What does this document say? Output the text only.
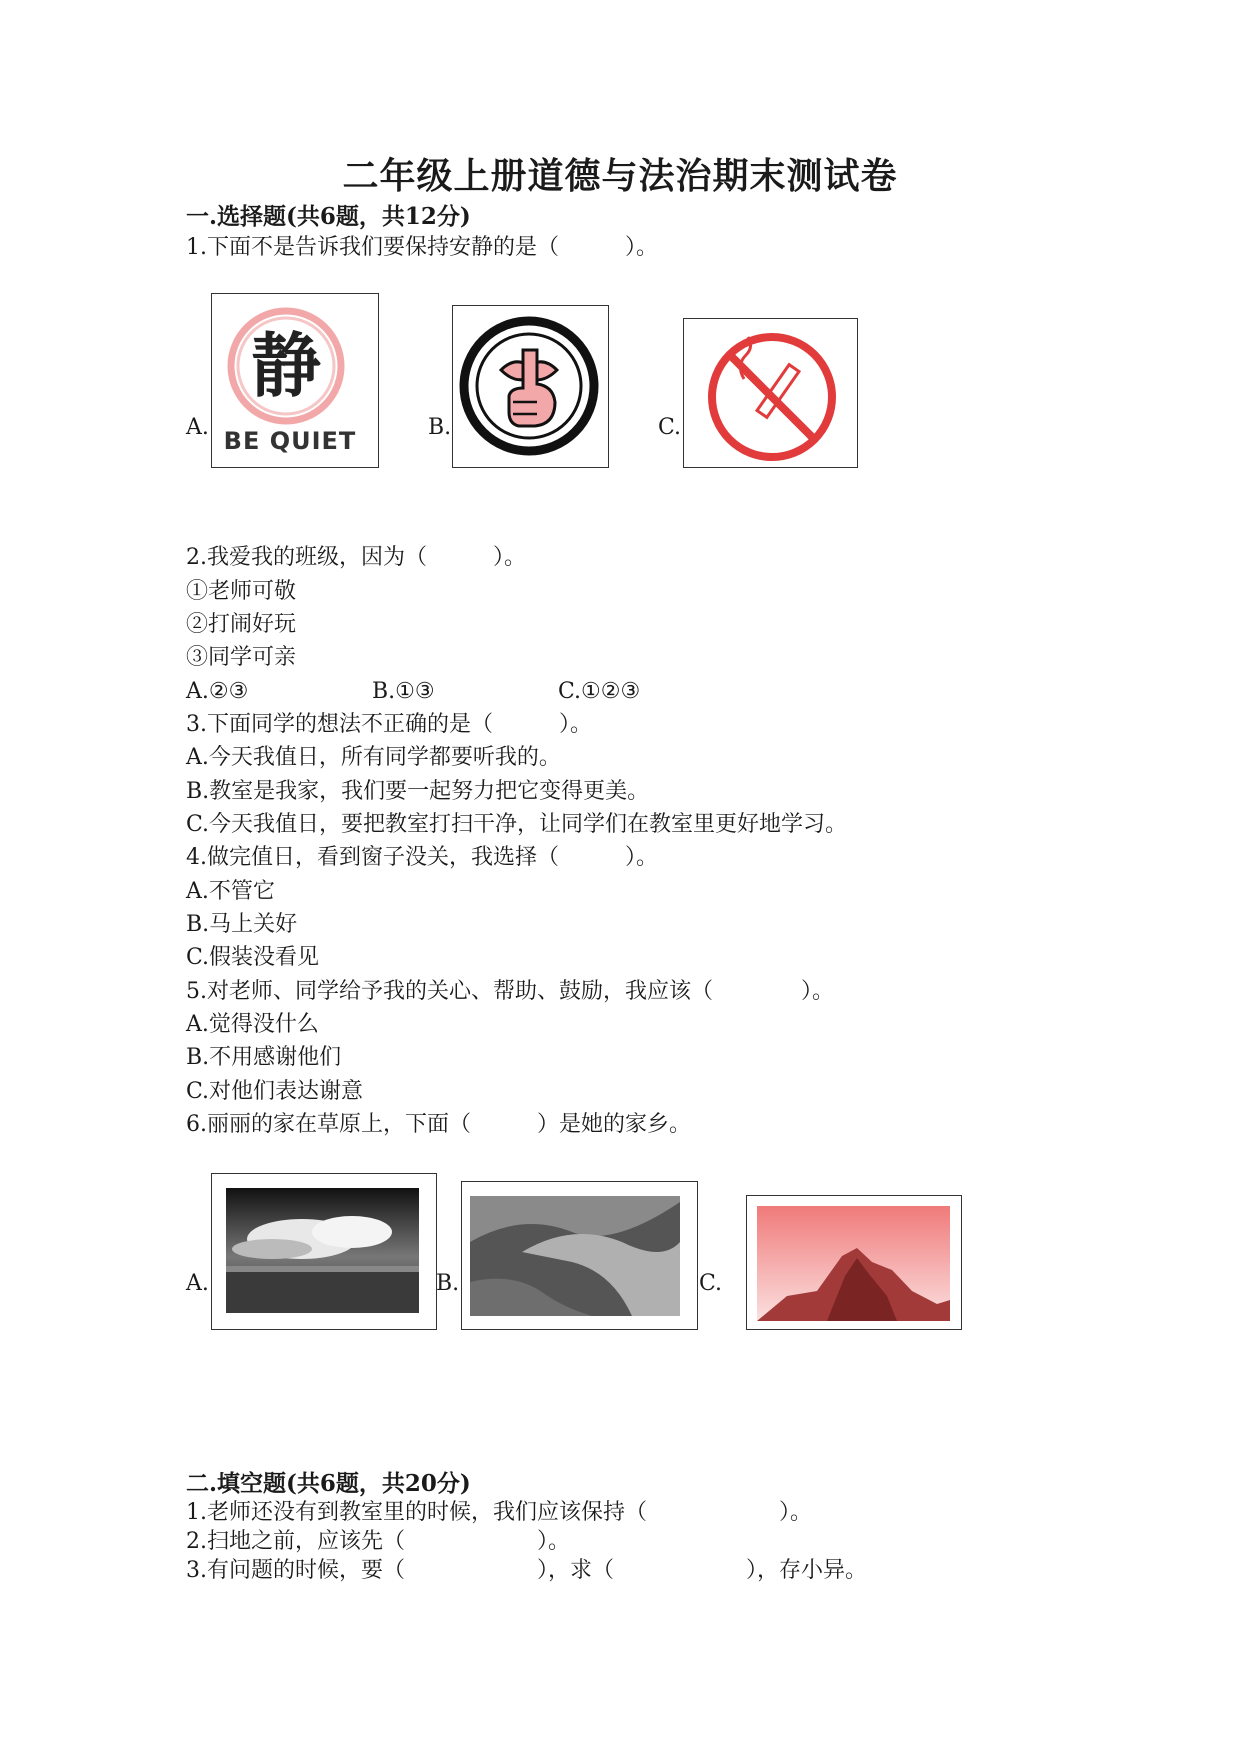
二年级上册道德与法治期末测试卷
一.选择题(共6题，共12分)
1.下面不是告诉我们要保持安静的是（　　　）。
A.
静
BE QUIET	B.	C.
2.我爱我的班级，因为（　　　）。
①老师可敬
②打闹好玩
③同学可亲
A.②③	B.①③	C.①②③
3.下面同学的想法不正确的是（　　　）。
A.今天我值日，所有同学都要听我的。
B.教室是我家，我们要一起努力把它变得更美。
C.今天我值日，要把教室打扫干净，让同学们在教室里更好地学习。
4.做完值日，看到窗子没关，我选择（　　　）。
A.不管它
B.马上关好
C.假装没看见
5.对老师、同学给予我的关心、帮助、鼓励，我应该（　　　　）。
A.觉得没什么
B.不用感谢他们
C.对他们表达谢意
6.丽丽的家在草原上，下面（　　　）是她的家乡。
A.	B.	C.
二.填空题(共6题，共20分)
1.老师还没有到教室里的时候，我们应该保持（　　　　　　）。
2.扫地之前，应该先（　　　　　　）。
3.有问题的时候，要（　　　　　　），求（　　　　　　），存小异。
